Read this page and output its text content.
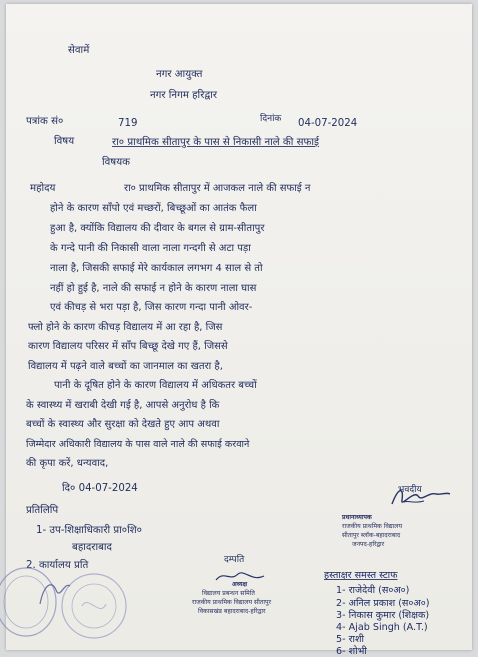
सेवामें
नगर आयुक्त
नगर निगम हरिद्वार
पत्रांक सं०	719	दिनांक 04-07-2024
विषय	रा० प्राथमिक सीतापुर के पास से निकासी नाले की सफाई
विषयक
महोदय	रा० प्राथमिक सीतापुर में आजकल नाले की सफाई न
होने के कारण साँपो एवं मच्छरों, बिच्छूओं का आतंक फैला
हुआ है, क्योंकि विद्यालय की दीवार के बगल से ग्राम-सीतापुर
के गन्दे पानी की निकासी वाला नाला गन्दगी से अटा पड़ा
नाला है, जिसकी सफाई मेरे कार्यकाल लगभग 4 साल से तो
नहीं हो हुई है, नाले की सफाई न होने के कारण नाला घास
एवं कीचड़ से भरा पड़ा है, जिस कारण गन्दा पानी ओवर-
फ्लो होने के कारण कीचड़ विद्यालय में आ रहा है, जिस
कारण विद्यालय परिसर में साँप बिच्छू देखे गए हैं, जिससे
विद्यालय में पढ़ने वाले बच्चों का जानमाल का खतरा है,
पानी के दूषित होने के कारण विद्यालय में अधिकतर बच्चों
के स्वास्थ्य में खराबी देखी गई है, आपसे अनुरोध है कि
बच्चों के स्वास्थ्य और सुरक्षा को देखते हुए आप अथवा
जिम्मेदार अधिकारी विद्यालय के पास वाले नाले की सफाई करवाने
की कृपा करें, धन्यवाद,
दि० 04-07-2024	भवदीय
प्रतिलिपि
1- उप-शिक्षाधिकारी प्रा०शि०
बहादराबाद
2. कार्यालय प्रति
प्रधानाध्यापक
राजकीय प्राथमिक विद्यालय
सीतापुर ब्लॉक-बहादराबाद
जनपद-हरिद्वार
दम्पति
अध्यक्ष
विद्यालय प्रबन्धन समिति
राजकीय प्राथमिक विद्यालय सीतापुर
विकासखंड बहादराबाद-हरिद्वार
हस्ताक्षर समस्त स्टाफ
1- राजेदेवी (स०अ०)
2- अनिल प्रकाश (स०अ०)
3- निकास कुमार (शिक्षक)
4- Ajab Singh (A.T.)
5- राशी
6- शोभी
